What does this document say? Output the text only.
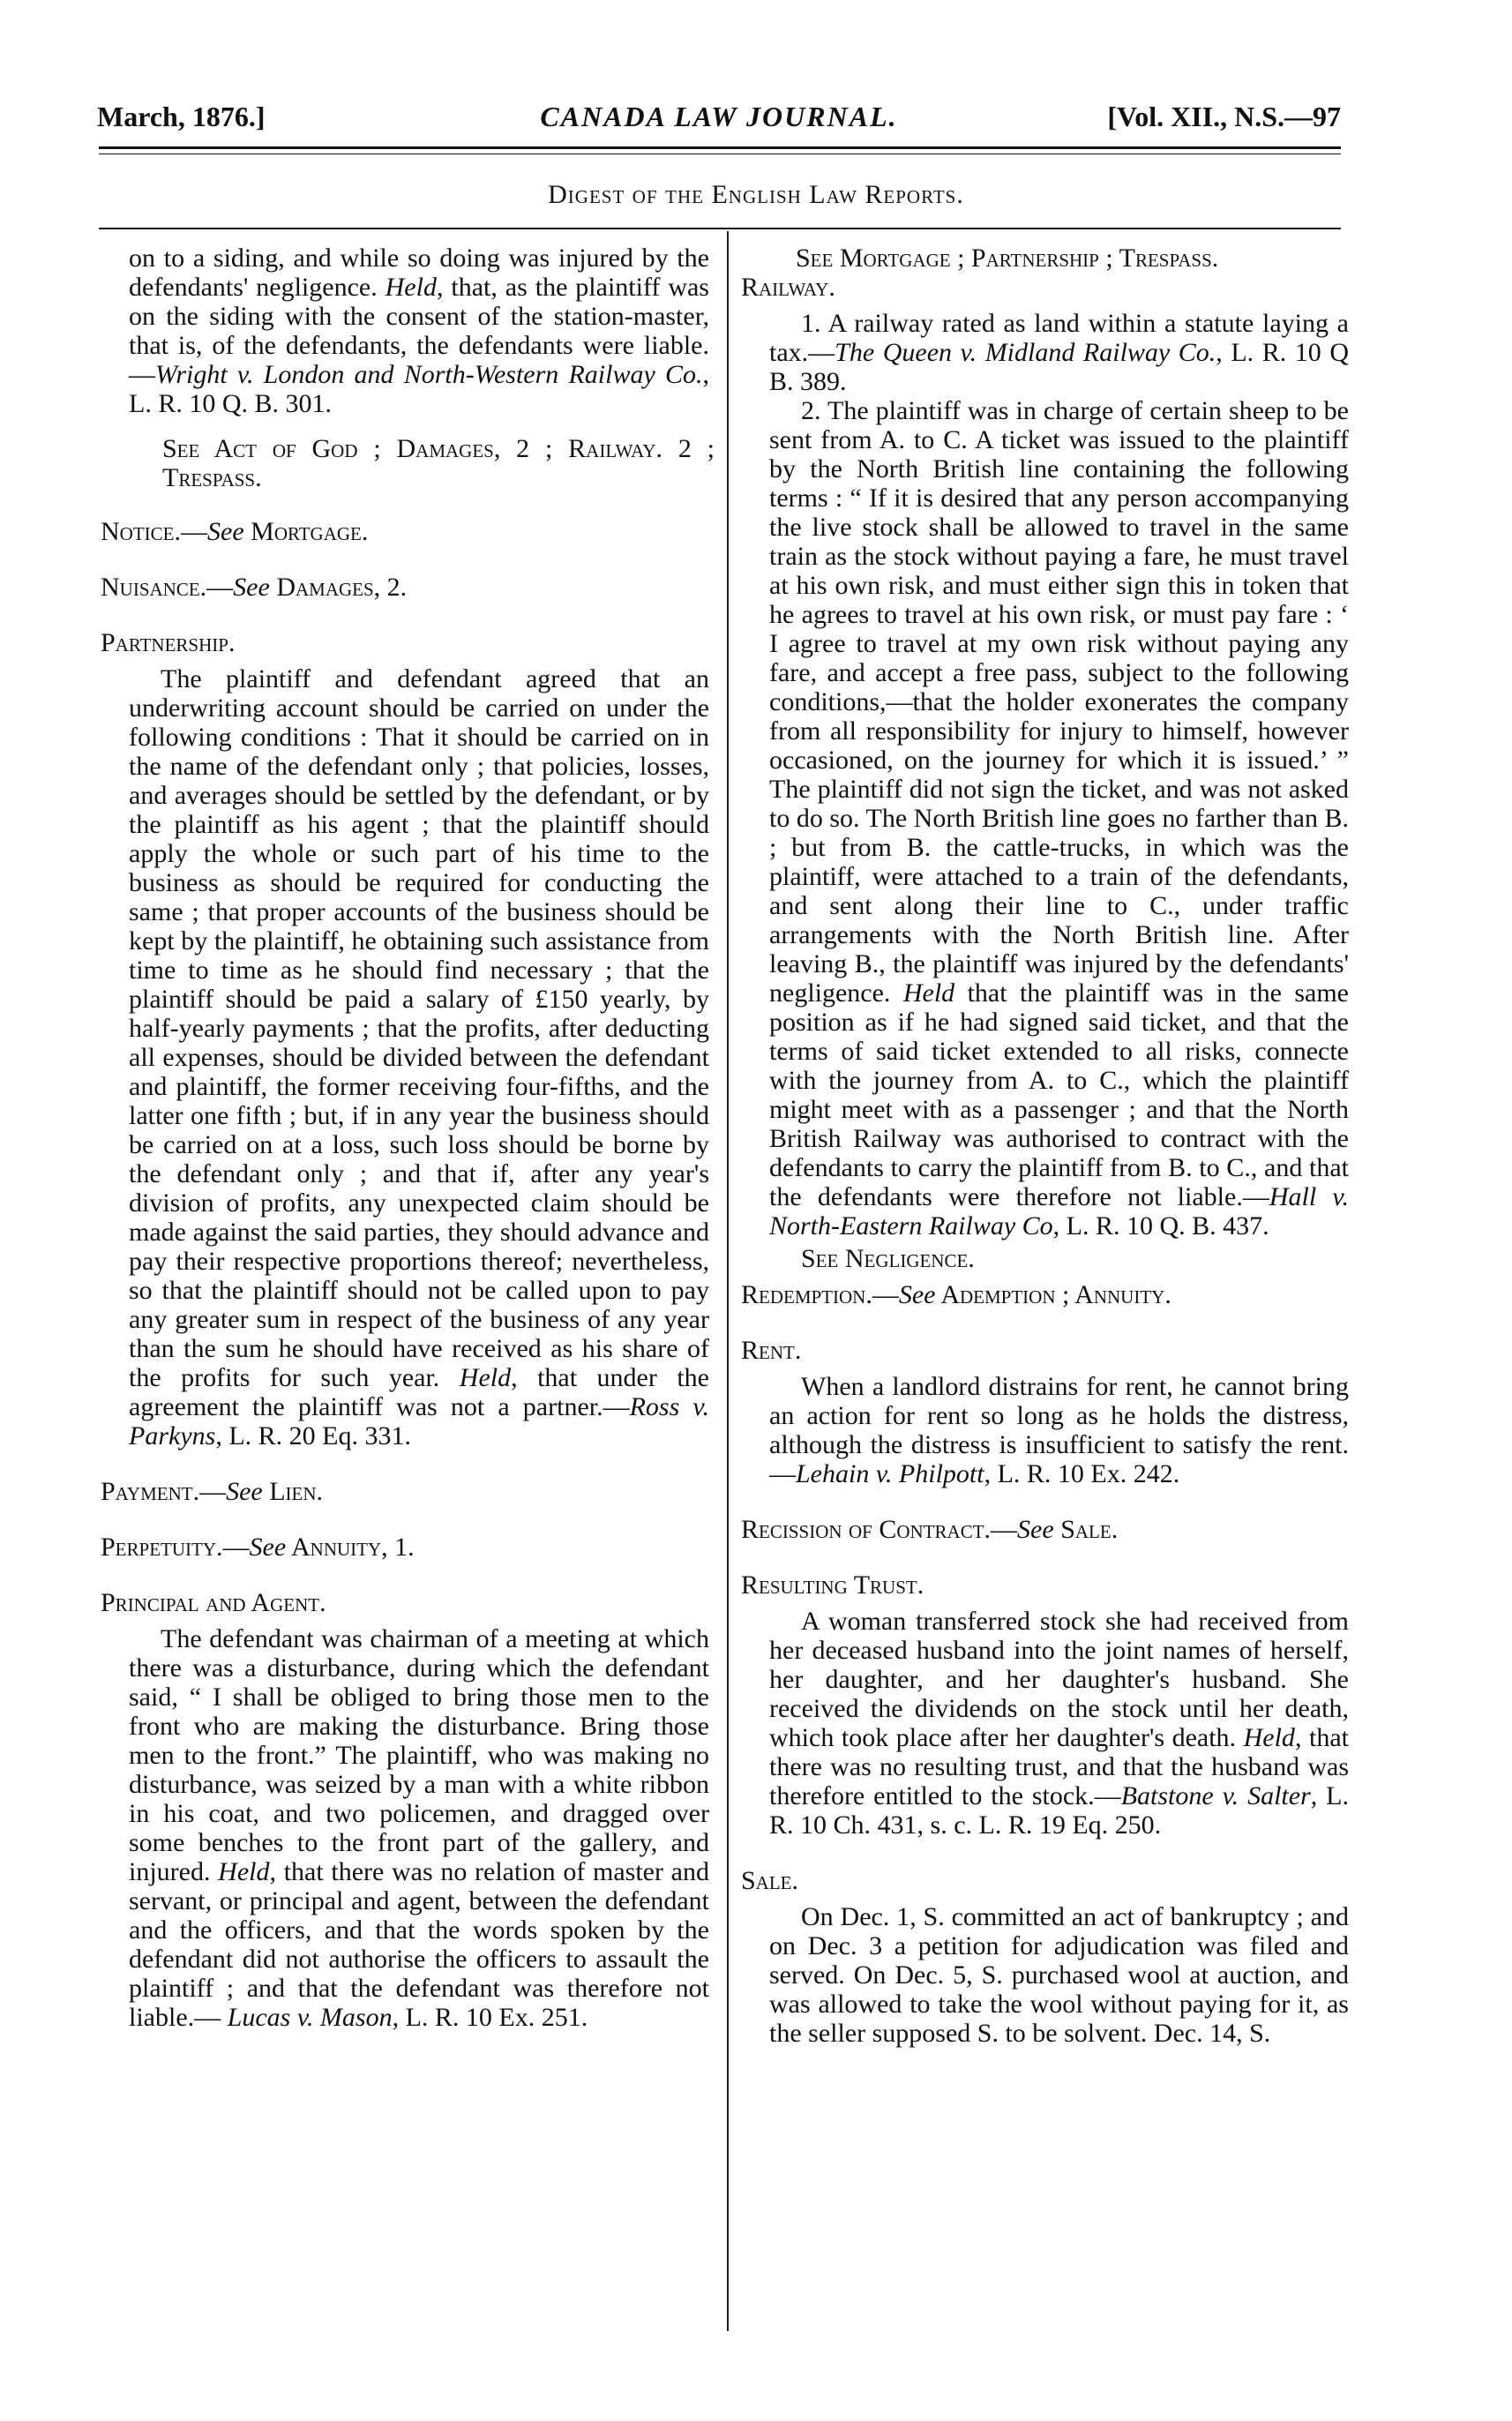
March, 1876.]	CANADA LAW JOURNAL.	[Vol. XII., N.S.—97
Digest of the English Law Reports.

on to a siding, and while so doing was injured by the defendants' negligence. Held, that, as the plaintiff was on the siding with the consent of the station-master, that is, of the defendants, the defendants were liable.—Wright v. London and North-Western Railway Co., L. R. 10 Q. B. 301.

See Act of God ; Damages, 2 ; Railway. 2 ; Trespass.
Notice.—See Mortgage.
Nuisance.—See Damages, 2.
Partnership.

The plaintiff and defendant agreed that an underwriting account should be carried on under the following conditions : That it should be carried on in the name of the defendant only ; that policies, losses, and averages should be settled by the defendant, or by the plaintiff as his agent ; that the plaintiff should apply the whole or such part of his time to the business as should be required for conducting the same ; that proper accounts of the business should be kept by the plaintiff, he obtaining such assistance from time to time as he should find necessary ; that the plaintiff should be paid a salary of £150 yearly, by half-yearly payments ; that the profits, after deducting all expenses, should be divided between the defendant and plaintiff, the former receiving four-fifths, and the latter one fifth ; but, if in any year the business should be carried on at a loss, such loss should be borne by the defendant only ; and that if, after any year's division of profits, any unexpected claim should be made against the said parties, they should advance and pay their respective proportions thereof; nevertheless, so that the plaintiff should not be called upon to pay any greater sum in respect of the business of any year than the sum he should have received as his share of the profits for such year. Held, that under the agreement the plaintiff was not a partner.—Ross v. Parkyns, L. R. 20 Eq. 331.

Payment.—See Lien.
Perpetuity.—See Annuity, 1.
Principal and Agent.

The defendant was chairman of a meeting at which there was a disturbance, during which the defendant said, “ I shall be obliged to bring those men to the front who are making the disturbance. Bring those men to the front.” The plaintiff, who was making no disturbance, was seized by a man with a white ribbon in his coat, and two policemen, and dragged over some benches to the front part of the gallery, and injured. Held, that there was no relation of master and servant, or principal and agent, between the defendant and the officers, and that the words spoken by the defendant did not authorise the officers to assault the plaintiff ; and that the defendant was therefore not liable.— Lucas v. Mason, L. R. 10 Ex. 251.

See Mortgage ; Partnership ; Trespass.
Railway.

1. A railway rated as land within a statute laying a tax.—The Queen v. Midland Railway Co., L. R. 10 Q B. 389.

2. The plaintiff was in charge of certain sheep to be sent from A. to C. A ticket was issued to the plaintiff by the North British line containing the following terms : “ If it is desired that any person accompanying the live stock shall be allowed to travel in the same train as the stock without paying a fare, he must travel at his own risk, and must either sign this in token that he agrees to travel at his own risk, or must pay fare : ‘ I agree to travel at my own risk without paying any fare, and accept a free pass, subject to the following conditions,—that the holder exonerates the company from all responsibility for injury to himself, however occasioned, on the journey for which it is issued.’ ” The plaintiff did not sign the ticket, and was not asked to do so. The North British line goes no farther than B. ; but from B. the cattle-trucks, in which was the plaintiff, were attached to a train of the defendants, and sent along their line to C., under traffic arrangements with the North British line. After leaving B., the plaintiff was injured by the defendants' negligence. Held that the plaintiff was in the same position as if he had signed said ticket, and that the terms of said ticket extended to all risks, connecte with the journey from A. to C., which the plaintiff might meet with as a passenger ; and that the North British Railway was authorised to contract with the defendants to carry the plaintiff from B. to C., and that the defendants were therefore not liable.—Hall v. North-Eastern Railway Co, L. R. 10 Q. B. 437.

See Negligence.

Redemption.—See Ademption ; Annuity.
Rent.

When a landlord distrains for rent, he cannot bring an action for rent so long as he holds the distress, although the distress is insufficient to satisfy the rent.—Lehain v. Philpott, L. R. 10 Ex. 242.

Recission of Contract.—See Sale.
Resulting Trust.

A woman transferred stock she had received from her deceased husband into the joint names of herself, her daughter, and her daughter's husband. She received the dividends on the stock until her death, which took place after her daughter's death. Held, that there was no resulting trust, and that the husband was therefore entitled to the stock.—Batstone v. Salter, L. R. 10 Ch. 431, s. c. L. R. 19 Eq. 250.

Sale.

On Dec. 1, S. committed an act of bankruptcy ; and on Dec. 3 a petition for adjudication was filed and served. On Dec. 5, S. purchased wool at auction, and was allowed to take the wool without paying for it, as the seller supposed S. to be solvent. Dec. 14, S.
